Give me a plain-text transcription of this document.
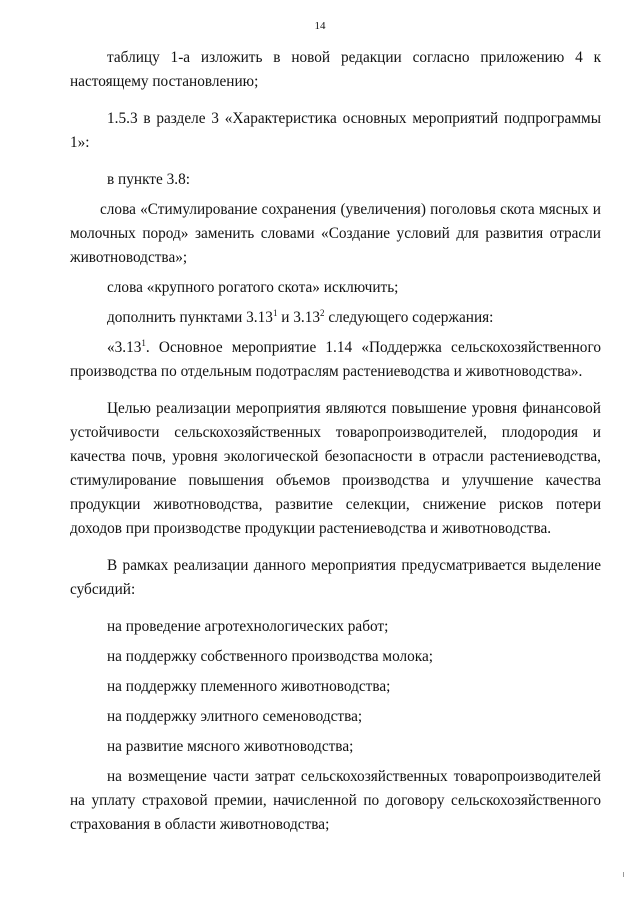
14

таблицу 1-а изложить в новой редакции согласно приложению 4 к настоящему постановлению;

1.5.3 в разделе 3 «Характеристика основных мероприятий подпрограммы 1»:

в пункте 3.8:

слова «Стимулирование сохранения (увеличения) поголовья скота мясных и молочных пород» заменить словами «Создание условий для развития отрасли животноводства»;

слова «крупного рогатого скота» исключить;

дополнить пунктами 3.13$^1$ и 3.13$^2$ следующего содержания:

«3.13$^1$. Основное мероприятие 1.14 «Поддержка сельскохозяйственного производства по отдельным подотраслям растениеводства и животноводства».

Целью реализации мероприятия являются повышение уровня финансовой устойчивости сельскохозяйственных товаропроизводителей, плодородия и качества почв, уровня экологической безопасности в отрасли растениеводства, стимулирование повышения объемов производства и улучшение качества продукции животноводства, развитие селекции, снижение рисков потери доходов при производстве продукции растениеводства и животноводства.

В рамках реализации данного мероприятия предусматривается выделение субсидий:

на проведение агротехнологических работ;

на поддержку собственного производства молока;

на поддержку племенного животноводства;

на поддержку элитного семеноводства;

на развитие мясного животноводства;

на возмещение части затрат сельскохозяйственных товаропроизводителей на уплату страховой премии, начисленной по договору сельскохозяйственного страхования в области животноводства;
